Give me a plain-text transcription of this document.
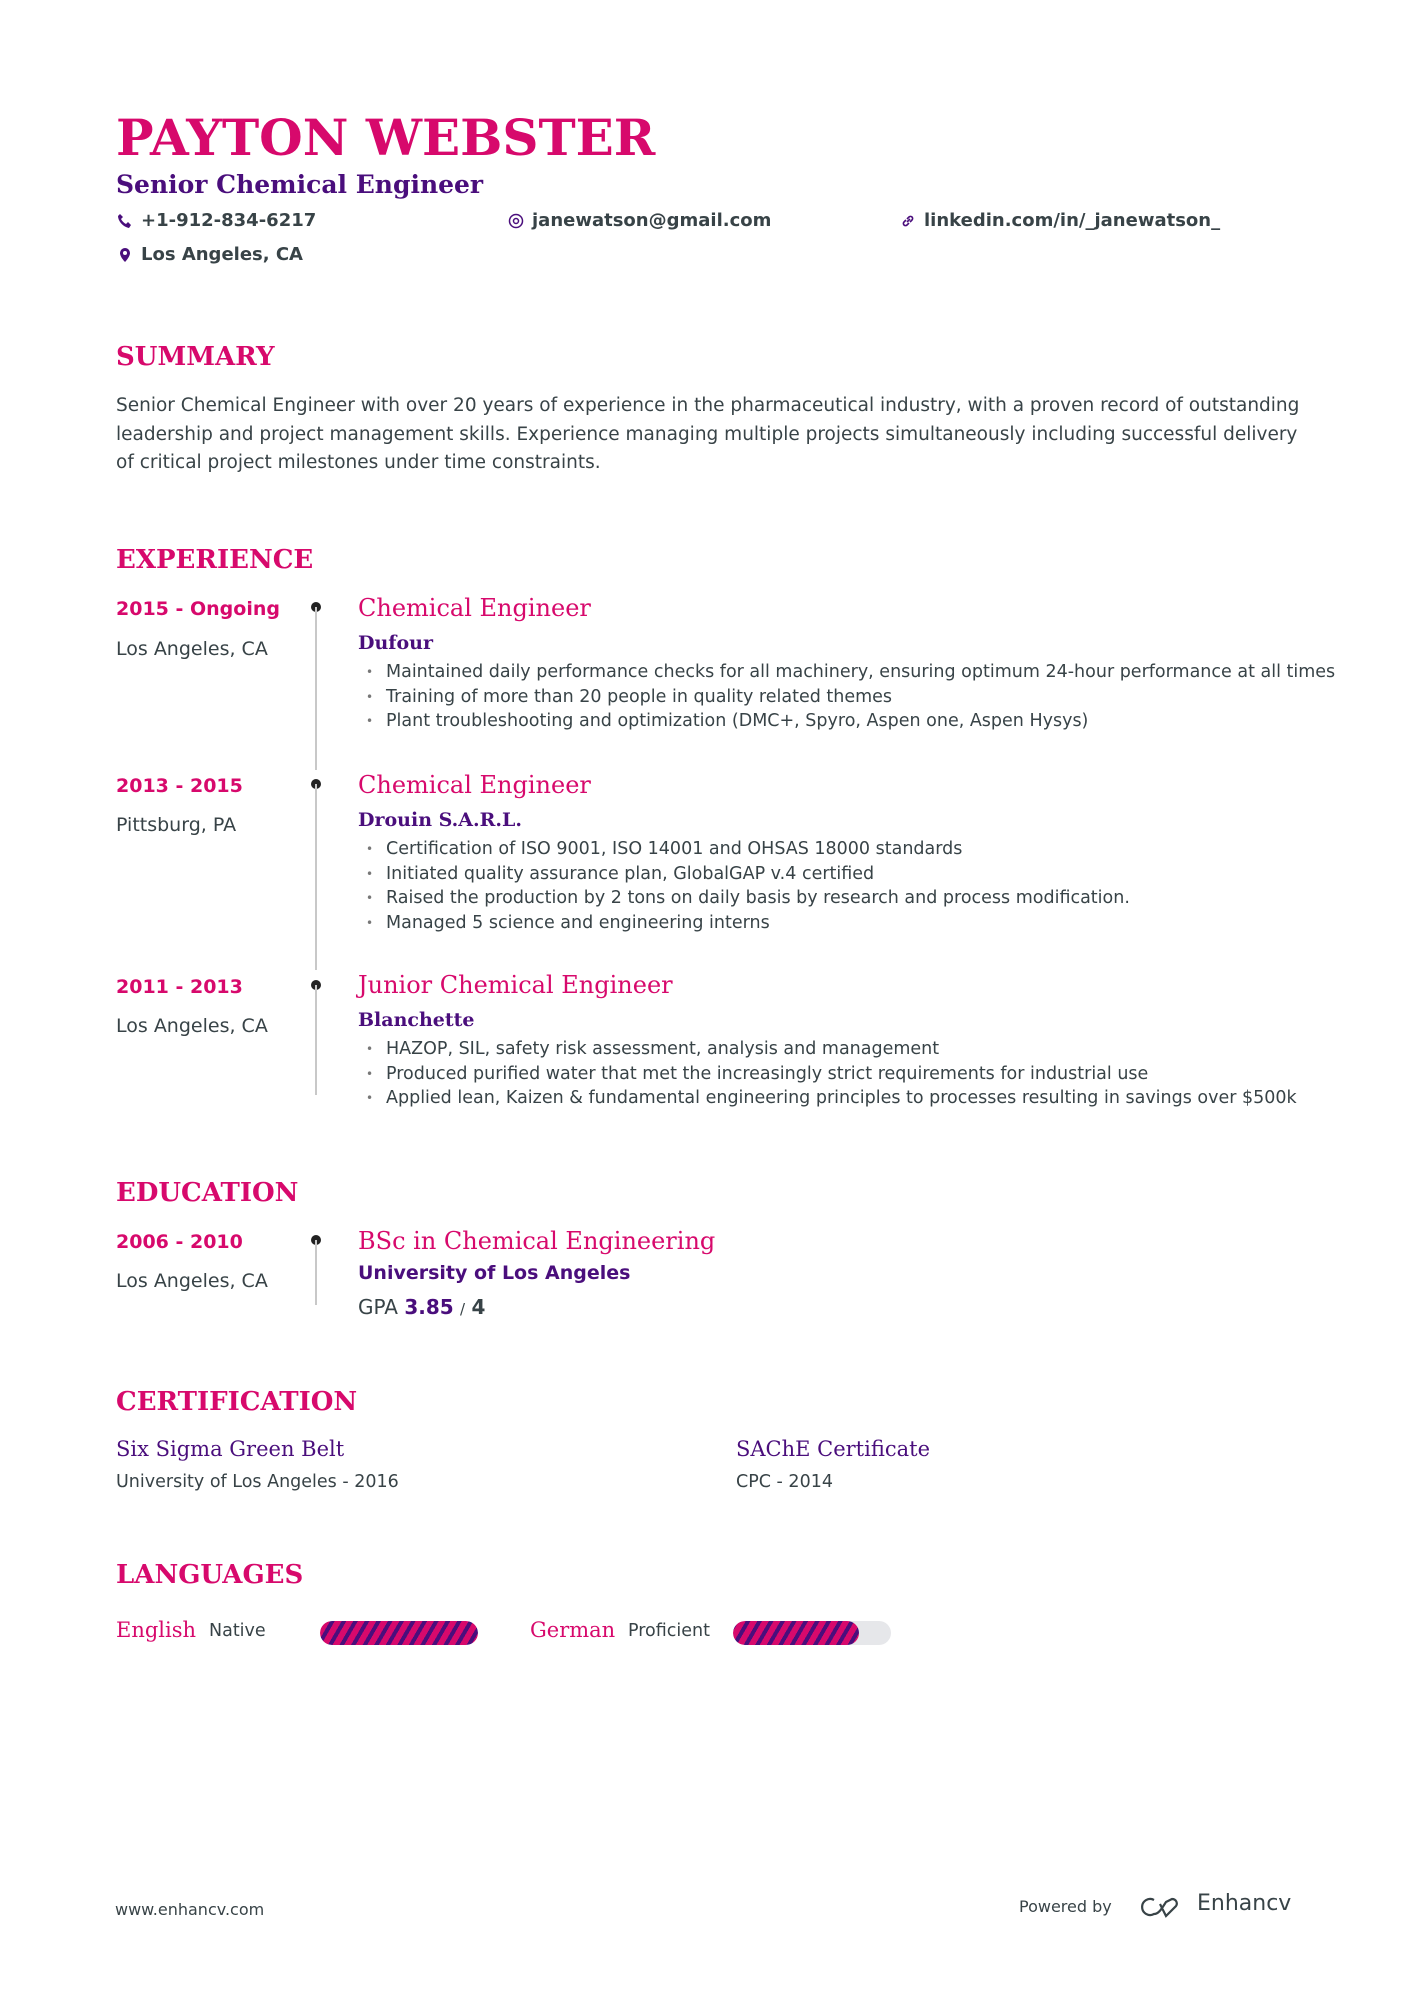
PAYTON WEBSTER
Senior Chemical Engineer
+1-912-834-6217	janewatson@gmail.com	linkedin.com/in/_janewatson_
Los Angeles, CA
SUMMARY
Senior Chemical Engineer with over 20 years of experience in the pharmaceutical industry, with a proven record of outstanding leadership and project management skills. Experience managing multiple projects simultaneously including successful delivery of critical project milestones under time constraints.
EXPERIENCE
2015 - Ongoing
Los Angeles, CA
Chemical Engineer
Dufour
• Maintained daily performance checks for all machinery, ensuring optimum 24-hour performance at all times
• Training of more than 20 people in quality related themes
• Plant troubleshooting and optimization (DMC+, Spyro, Aspen one, Aspen Hysys)
2013 - 2015
Pittsburg, PA
Chemical Engineer
Drouin S.A.R.L.
• Certification of ISO 9001, ISO 14001 and OHSAS 18000 standards
• Initiated quality assurance plan, GlobalGAP v.4 certified
• Raised the production by 2 tons on daily basis by research and process modification.
• Managed 5 science and engineering interns
2011 - 2013
Los Angeles, CA
Junior Chemical Engineer
Blanchette
• HAZOP, SIL, safety risk assessment, analysis and management
• Produced purified water that met the increasingly strict requirements for industrial use
• Applied lean, Kaizen & fundamental engineering principles to processes resulting in savings over $500k
EDUCATION
2006 - 2010
Los Angeles, CA
BSc in Chemical Engineering
University of Los Angeles
GPA 3.85 / 4
CERTIFICATION
Six Sigma Green Belt
University of Los Angeles - 2016
SAChE Certificate
CPC - 2014
LANGUAGES
English Native	German Proficient
www.enhancv.com	Powered by	Enhancv
